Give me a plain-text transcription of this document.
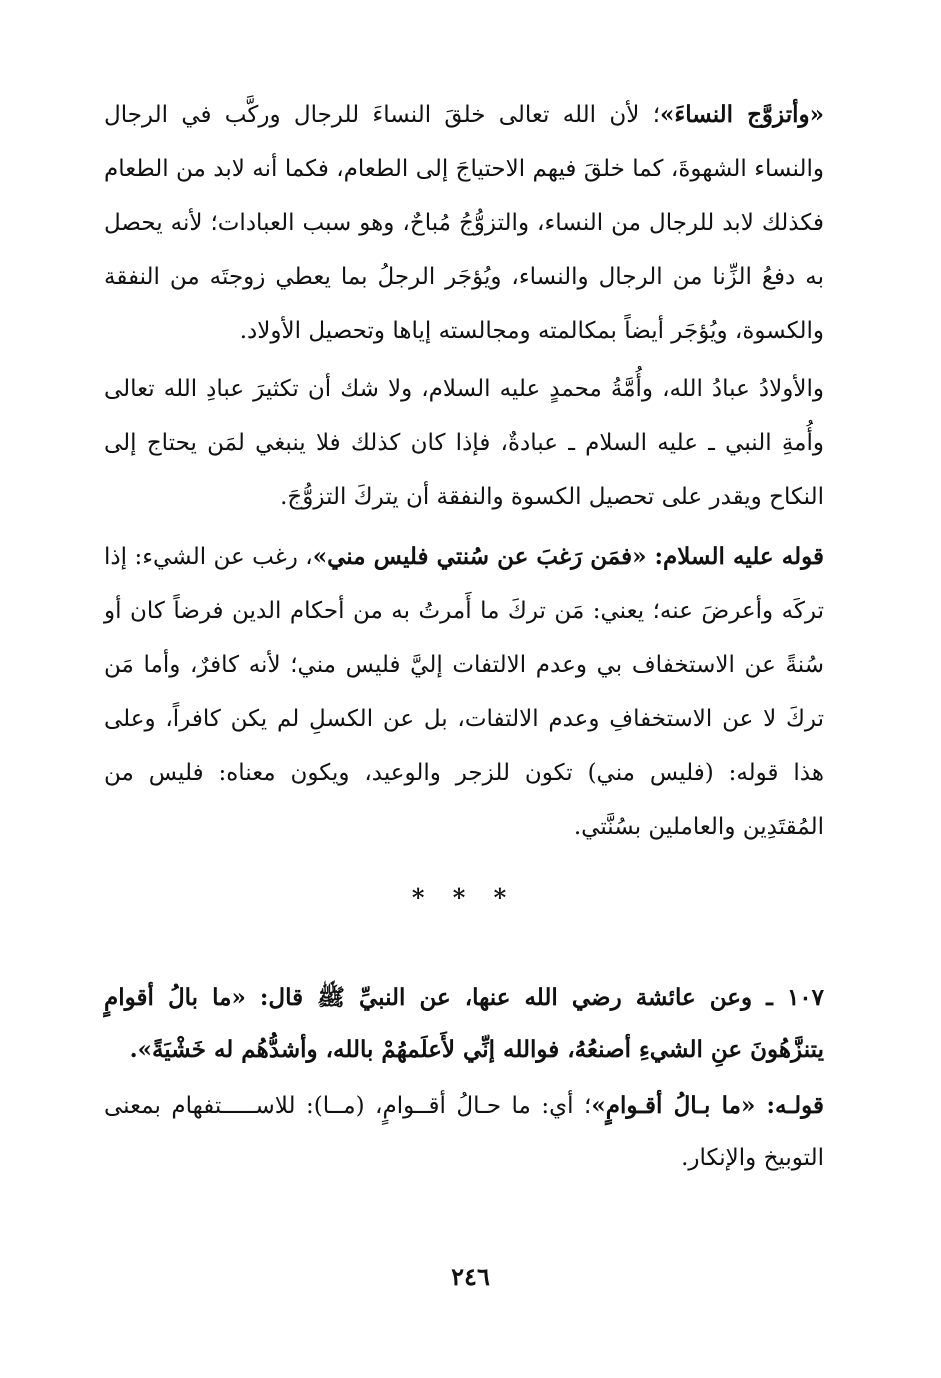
«وأتزوَّج النساءَ»؛ لأن الله تعالى خلقَ النساءَ للرجال وركَّب في الرجال والنساء الشهوةَ، كما خلقَ فيهم الاحتياجَ إلى الطعام، فكما أنه لابد من الطعام فكذلك لابد للرجال من النساء، والتزوُّجُ مُباحٌ، وهو سبب العبادات؛ لأنه يحصل به دفعُ الزِّنا من الرجال والنساء، ويُؤجَر الرجلُ بما يعطي زوجتَه من النفقة والكسوة، ويُؤجَر أيضاً بمكالمته ومجالسته إياها وتحصيل الأولاد.

والأولادُ عبادُ الله، وأُمَّةُ محمدٍ عليه السلام، ولا شك أن تكثيرَ عبادِ الله تعالى وأُمةِ النبي ـ عليه السلام ـ عبادةٌ، فإذا كان كذلك فلا ينبغي لمَن يحتاج إلى النكاح ويقدر على تحصيل الكسوة والنفقة أن يتركَ التزوُّجَ.

قوله عليه السلام: «فمَن رَغبَ عن سُنتي فليس مني»، رغب عن الشيء: إذا تركَه وأعرضَ عنه؛ يعني: مَن تركَ ما أَمرتُ به من أحكام الدين فرضاً كان أو سُنةً عن الاستخفاف بي وعدم الالتفات إليَّ فليس مني؛ لأنه كافرٌ، وأما مَن تركَ لا عن الاستخفافِ وعدم الالتفات، بل عن الكسلِ لم يكن كافراً، وعلى هذا قوله: (فليس مني) تكون للزجر والوعيد، ويكون معناه: فليس من المُقتَدِين والعاملين بسُنَّتي.

* * *

١٠٧ ـ وعن عائشة رضي الله عنها، عن النبيِّ ﷺ قال: «ما بالُ أقوامٍ يتنزَّهُونَ عنِ الشيءِ أصنعُهُ، فوالله إنِّي لأَعلَمهُمْ بالله، وأشدُّهُم له خَشْيَةً».

قولـه: «ما بـالُ أقـوامٍ»؛ أي: ما حـالُ أقــوامٍ، (مــا): للاســـــتفهام بمعنى التوبيخ والإنكار.

٢٤٦
